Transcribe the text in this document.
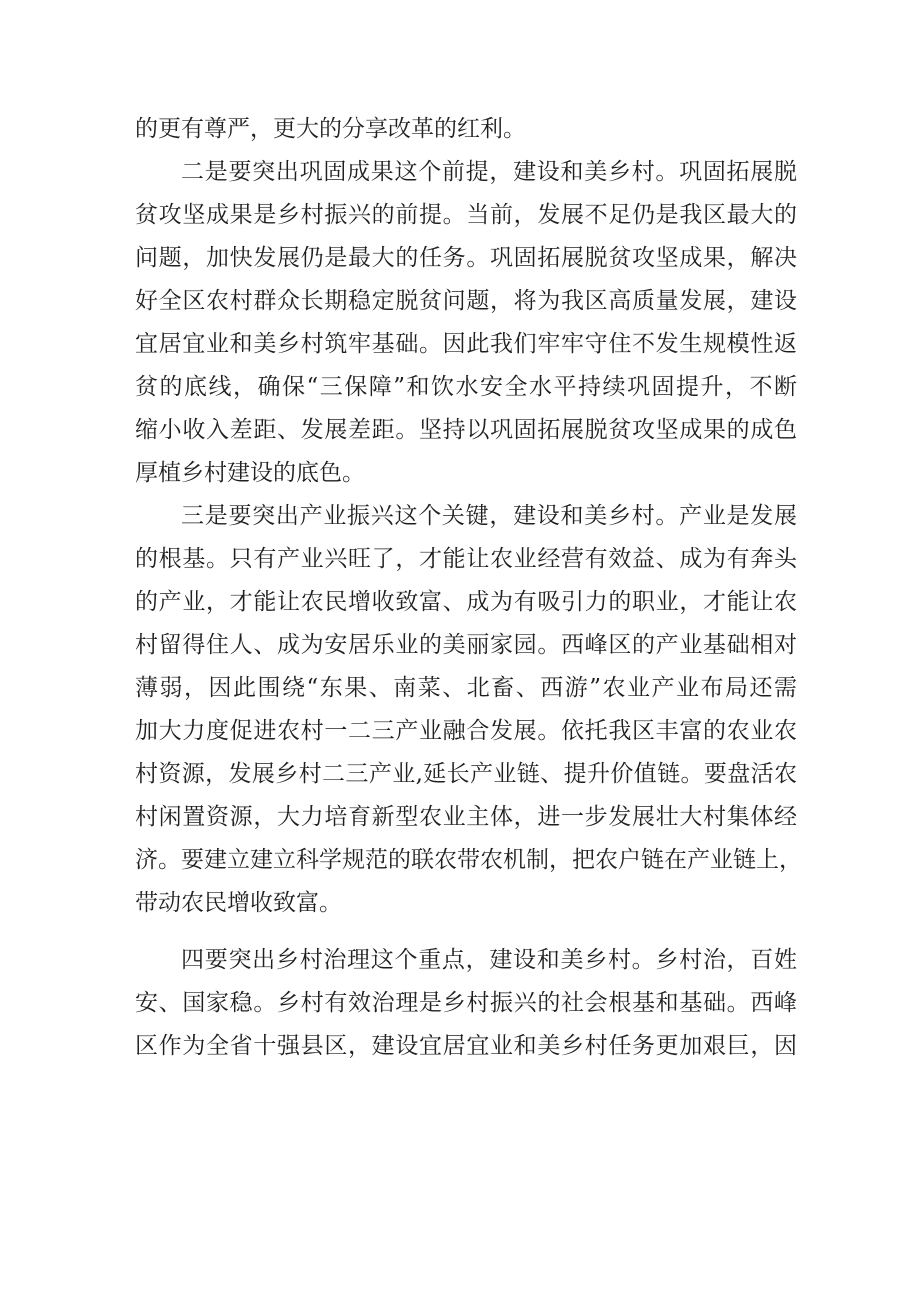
的更有尊严，更大的分享改革的红利。
二是要突出巩固成果这个前提，建设和美乡村。巩固拓展脱
贫攻坚成果是乡村振兴的前提。当前，发展不足仍是我区最大的
问题，加快发展仍是最大的任务。巩固拓展脱贫攻坚成果，解决
好全区农村群众长期稳定脱贫问题，将为我区高质量发展，建设
宜居宜业和美乡村筑牢基础。因此我们牢牢守住不发生规模性返
贫的底线，确保“三保障”和饮水安全水平持续巩固提升，不断
缩小收入差距、发展差距。坚持以巩固拓展脱贫攻坚成果的成色
厚植乡村建设的底色。
三是要突出产业振兴这个关键，建设和美乡村。产业是发展
的根基。只有产业兴旺了，才能让农业经营有效益、成为有奔头
的产业，才能让农民增收致富、成为有吸引力的职业，才能让农
村留得住人、成为安居乐业的美丽家园。西峰区的产业基础相对
薄弱，因此围绕“东果、南菜、北畜、西游”农业产业布局还需
加大力度促进农村一二三产业融合发展。依托我区丰富的农业农
村资源，发展乡村二三产业,延长产业链、提升价值链。要盘活农
村闲置资源，大力培育新型农业主体，进一步发展壮大村集体经
济。要建立建立科学规范的联农带农机制，把农户链在产业链上，
带动农民增收致富。
四要突出乡村治理这个重点，建设和美乡村。乡村治，百姓
安、国家稳。乡村有效治理是乡村振兴的社会根基和基础。西峰
区作为全省十强县区，建设宜居宜业和美乡村任务更加艰巨，因
